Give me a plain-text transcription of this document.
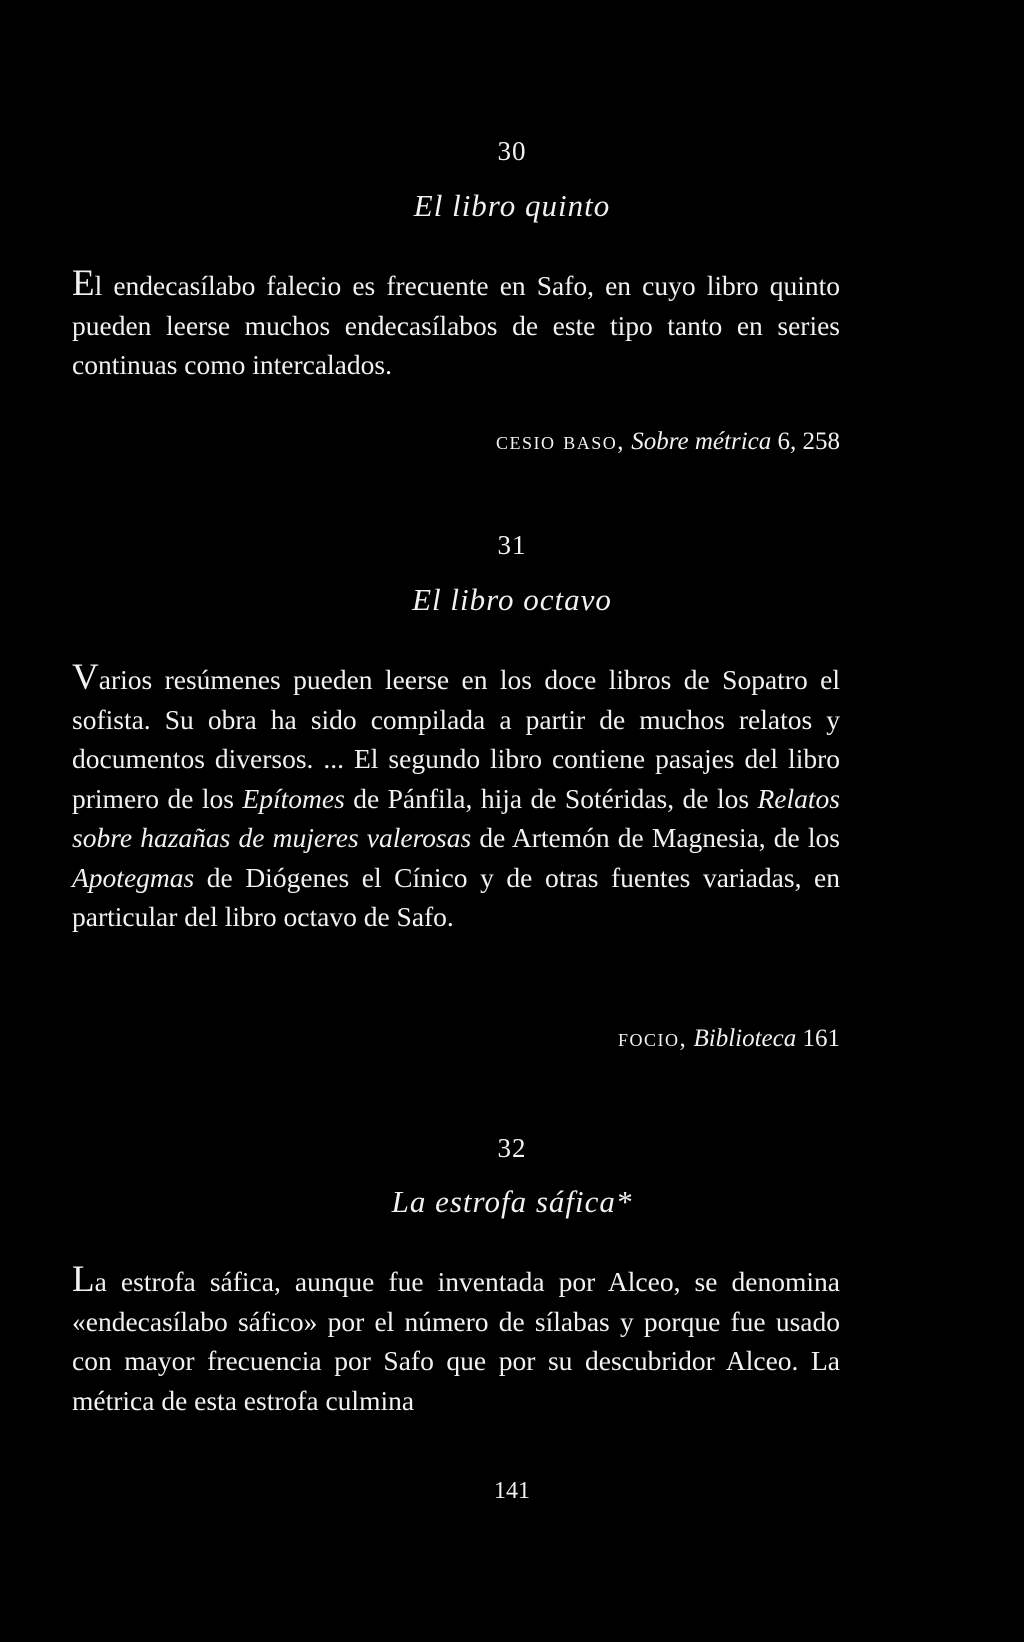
30
El libro quinto

El endecasílabo falecio es frecuente en Safo, en cuyo libro quinto pueden leerse muchos endecasílabos de este tipo tanto en series continuas como intercalados.

cesio baso, Sobre métrica 6, 258
31
El libro octavo

Varios resúmenes pueden leerse en los doce libros de Sopatro el sofista. Su obra ha sido compilada a partir de muchos relatos y documentos diversos. ... El segundo libro contiene pasajes del libro primero de los Epítomes de Pánfila, hija de Sotéridas, de los Relatos sobre hazañas de mujeres valerosas de Artemón de Magnesia, de los Apotegmas de Diógenes el Cínico y de otras fuentes variadas, en particular del libro octavo de Safo.

focio, Biblioteca 161
32
La estrofa sáfica*

La estrofa sáfica, aunque fue inventada por Alceo, se denomina «endecasílabo sáfico» por el número de sílabas y porque fue usado con mayor frecuencia por Safo que por su descubridor Alceo. La métrica de esta estrofa culmina

141
